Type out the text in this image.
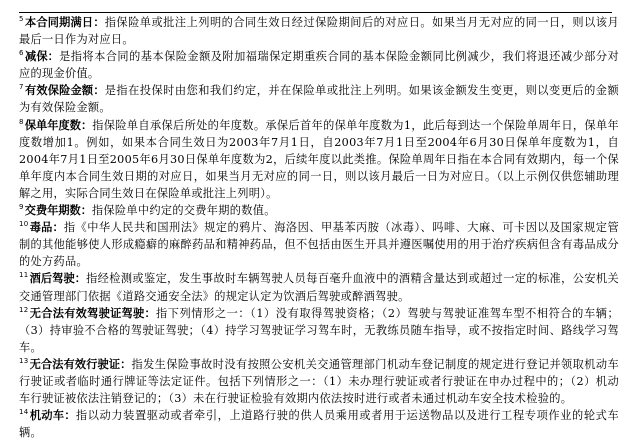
$^5$本合同期满日：指保险单或批注上列明的合同生效日经过保险期间后的对应日。如果当月无对应的同一日，则以该月最后一日作为对应日。

$^6$减保：是指将本合同的基本保险金额及附加福瑞保定期重疾合同的基本保险金额同比例减少，我们将退还减少部分对应的现金价值。

$^7$有效保险金额：是指在投保时由您和我们约定，并在保险单或批注上列明。如果该金额发生变更，则以变更后的金额为有效保险金额。

$^8$保单年度数：指保险单自承保后所处的年度数。承保后首年的保单年度数为1，此后每到达一个保险单周年日，保单年度数增加1。例如，如果本合同生效日为2003年7月1日，自2003年7月1日至2004年6月30日保单年度数为1，自2004年7月1日至2005年6月30日保单年度数为2，后续年度以此类推。保险单周年日指在本合同有效期内，每一个保单年度内本合同生效日期的对应日，如果当月无对应的同一日，则以该月最后一日为对应日。（以上示例仅供您辅助理解之用，实际合同生效日在保险单或批注上列明）。

$^9$交费年期数：指保险单中约定的交费年期的数值。

$^{10}$毒品：指《中华人民共和国刑法》规定的鸦片、海洛因、甲基苯丙胺（冰毒）、吗啡、大麻、可卡因以及国家规定管制的其他能够使人形成瘾癖的麻醉药品和精神药品，但不包括由医生开具并遵医嘱使用的用于治疗疾病但含有毒品成分的处方药品。

$^{11}$酒后驾驶：指经检测或鉴定，发生事故时车辆驾驶人员每百毫升血液中的酒精含量达到或超过一定的标准，公安机关交通管理部门依据《道路交通安全法》的规定认定为饮酒后驾驶或醉酒驾驶。

$^{12}$无合法有效驾驶证驾驶：指下列情形之一：（1）没有取得驾驶资格；（2）驾驶与驾驶证准驾车型不相符合的车辆；（3）持审验不合格的驾驶证驾驶；（4）持学习驾驶证学习驾车时，无教练员随车指导，或不按指定时间、路线学习驾车。

$^{13}$无合法有效行驶证：指发生保险事故时没有按照公安机关交通管理部门机动车登记制度的规定进行登记并领取机动车行驶证或者临时通行牌证等法定证件。包括下列情形之一：（1）未办理行驶证或者行驶证在申办过程中的；（2）机动车行驶证被依法注销登记的；（3）未在行驶证检验有效期内依法按时进行或者未通过机动车安全技术检验的。

$^{14}$机动车：指以动力装置驱动或者牵引，上道路行驶的供人员乘用或者用于运送物品以及进行工程专项作业的轮式车辆。
